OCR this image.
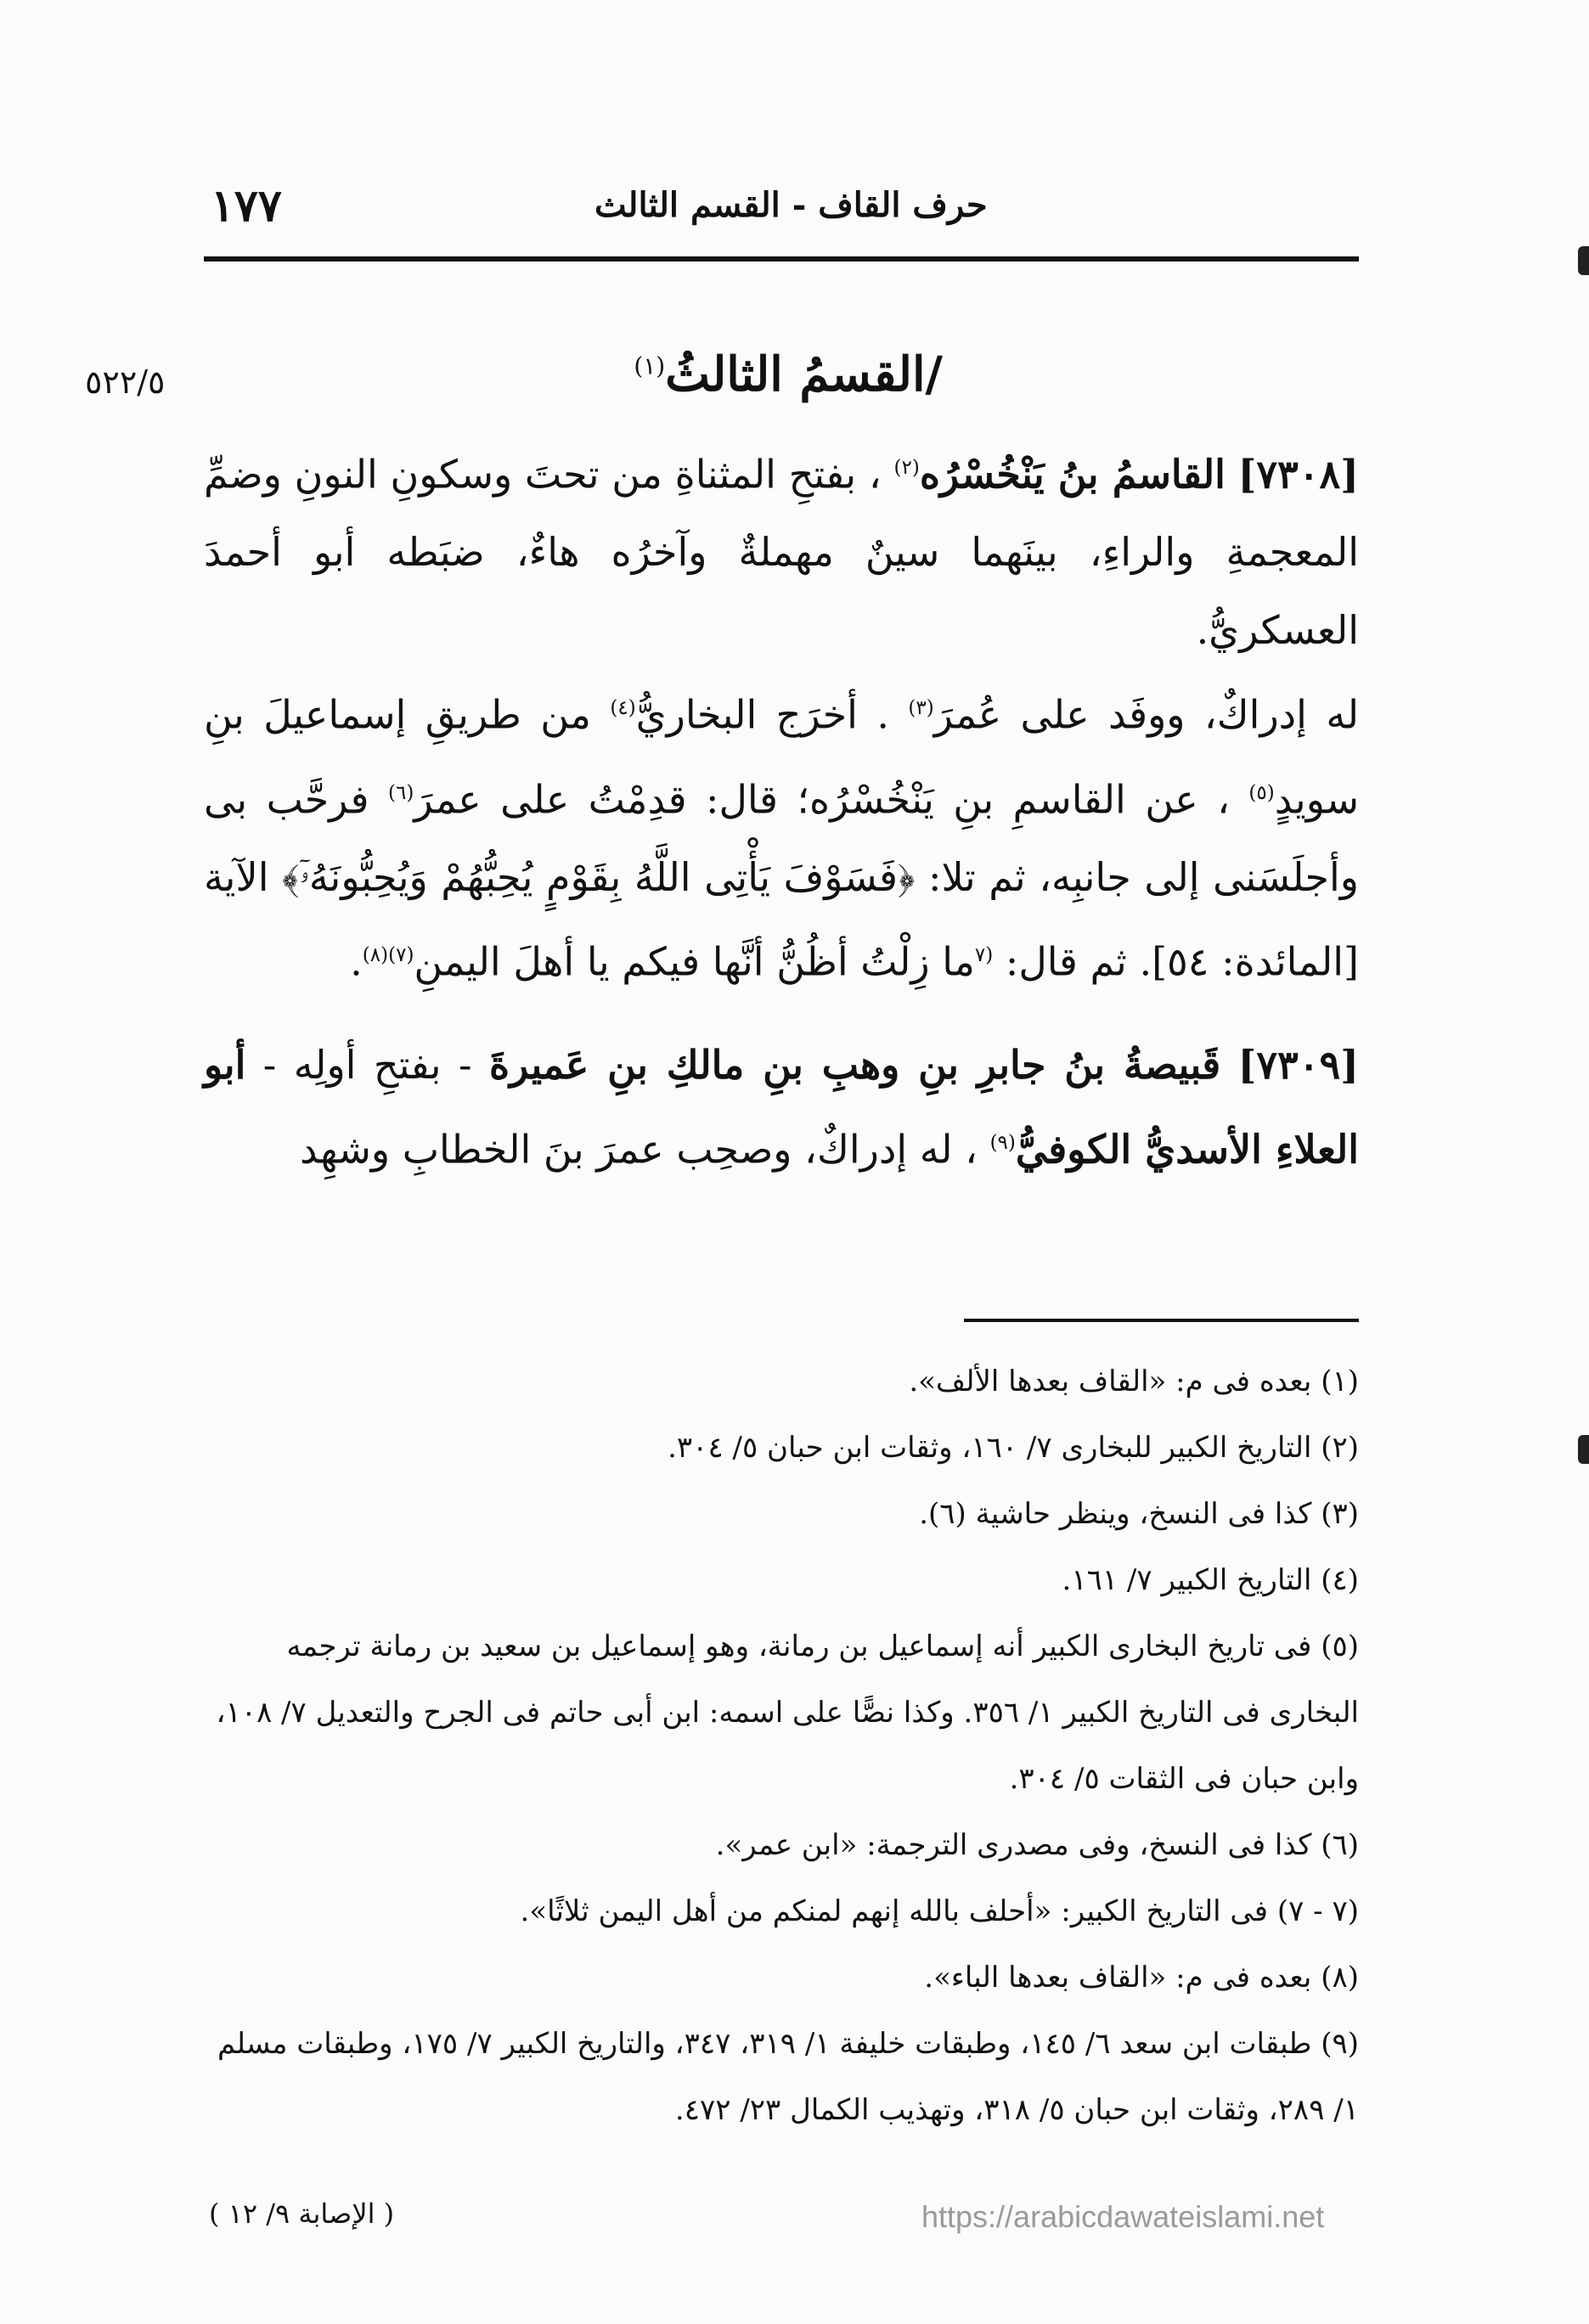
١٧٧	حرف القاف - القسم الثالث
٥٢٢/٥	/القسمُ الثالثُ$^{(١)}$

[٧٣٠٨] القاسمُ بنُ يَنْخُسْرُه$^{(٢)}$ ، بفتحِ المثناةِ من تحتَ وسكونِ النونِ وضمِّ المعجمةِ والراءِ، بينَهما سينٌ مهملةٌ وآخرُه هاءٌ، ضبَطه أبو أحمدَ العسكريُّ.

له إدراكٌ، ووفَد على عُمرَ$^{(٣)}$ . أخرَج البخاريُّ$^{(٤)}$ من طريقِ إسماعيلَ بنِ سويدٍ$^{(٥)}$ ، عن القاسمِ بنِ يَنْخُسْرُه؛ قال: قدِمْتُ على عمرَ$^{(٦)}$ فرحَّب بى وأجلَسَنى إلى جانبِه، ثم تلا: ﴿فَسَوْفَ يَأْتِى اللَّهُ بِقَوْمٍ يُحِبُّهُمْ وَيُحِبُّونَهُۥٓ﴾ الآية [المائدة: ٥٤]. ثم قال: $^{(٧}$ما زِلْتُ أظُنُّ أنَّها فيكم يا أهلَ اليمنِ$^{(٧)(٨)}$.

[٧٣٠٩] قَبيصةُ بنُ جابرِ بنِ وهبِ بنِ مالكِ بنِ عَميرةَ - بفتحِ أولِه - أبو العلاءِ الأسديُّ الكوفيُّ$^{(٩)}$ ، له إدراكٌ، وصحِب عمرَ بنَ الخطابِ وشهِد

(١) بعده فى م: «القاف بعدها الألف».

(٢) التاريخ الكبير للبخارى ٧/ ١٦٠، وثقات ابن حبان ٥/ ٣٠٤.

(٣) كذا فى النسخ، وينظر حاشية (٦).

(٤) التاريخ الكبير ٧/ ١٦١.

(٥) فى تاريخ البخارى الكبير أنه إسماعيل بن رمانة، وهو إسماعيل بن سعيد بن رمانة ترجمه البخارى فى التاريخ الكبير ١/ ٣٥٦. وكذا نصًّا على اسمه: ابن أبى حاتم فى الجرح والتعديل ٧/ ١٠٨، وابن حبان فى الثقات ٥/ ٣٠٤.

(٦) كذا فى النسخ، وفى مصدرى الترجمة: «ابن عمر».

(٧ - ٧) فى التاريخ الكبير: «أحلف بالله إنهم لمنكم من أهل اليمن ثلاثًا».

(٨) بعده فى م: «القاف بعدها الباء».

(٩) طبقات ابن سعد ٦/ ١٤٥، وطبقات خليفة ١/ ٣١٩، ٣٤٧، والتاريخ الكبير ٧/ ١٧٥، وطبقات مسلم ١/ ٢٨٩، وثقات ابن حبان ٥/ ٣١٨، وتهذيب الكمال ٢٣/ ٤٧٢.

( الإصابة ٩/ ١٢ )	https://arabicdawateislami.net
